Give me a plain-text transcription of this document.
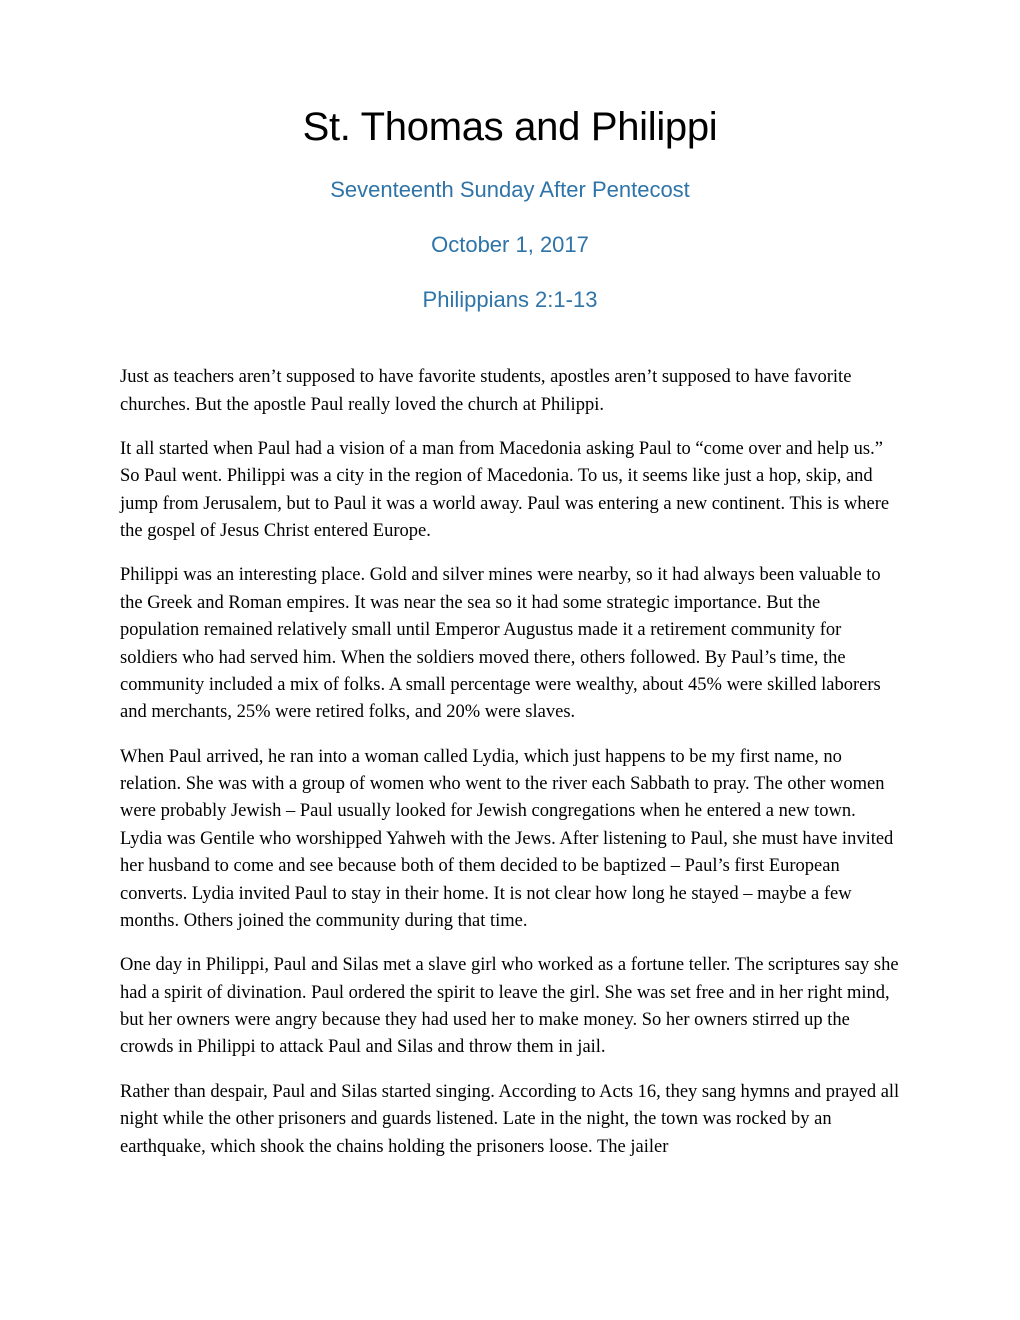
St. Thomas and Philippi
Seventeenth Sunday After Pentecost
October 1, 2017
Philippians 2:1-13

Just as teachers aren’t supposed to have favorite students, apostles aren’t supposed to have favorite churches. But the apostle Paul really loved the church at Philippi.

It all started when Paul had a vision of a man from Macedonia asking Paul to “come over and help us.” So Paul went. Philippi was a city in the region of Macedonia. To us, it seems like just a hop, skip, and jump from Jerusalem, but to Paul it was a world away. Paul was entering a new continent. This is where the gospel of Jesus Christ entered Europe.

Philippi was an interesting place. Gold and silver mines were nearby, so it had always been valuable to the Greek and Roman empires. It was near the sea so it had some strategic importance. But the population remained relatively small until Emperor Augustus made it a retirement community for soldiers who had served him. When the soldiers moved there, others followed. By Paul’s time, the community included a mix of folks. A small percentage were wealthy, about 45% were skilled laborers and merchants, 25% were retired folks, and 20% were slaves.

When Paul arrived, he ran into a woman called Lydia, which just happens to be my first name, no relation. She was with a group of women who went to the river each Sabbath to pray. The other women were probably Jewish – Paul usually looked for Jewish congregations when he entered a new town. Lydia was Gentile who worshipped Yahweh with the Jews. After listening to Paul, she must have invited her husband to come and see because both of them decided to be baptized – Paul’s first European converts. Lydia invited Paul to stay in their home. It is not clear how long he stayed – maybe a few months. Others joined the community during that time.

One day in Philippi, Paul and Silas met a slave girl who worked as a fortune teller. The scriptures say she had a spirit of divination. Paul ordered the spirit to leave the girl. She was set free and in her right mind, but her owners were angry because they had used her to make money. So her owners stirred up the crowds in Philippi to attack Paul and Silas and throw them in jail.

Rather than despair, Paul and Silas started singing. According to Acts 16, they sang hymns and prayed all night while the other prisoners and guards listened. Late in the night, the town was rocked by an earthquake, which shook the chains holding the prisoners loose. The jailer
